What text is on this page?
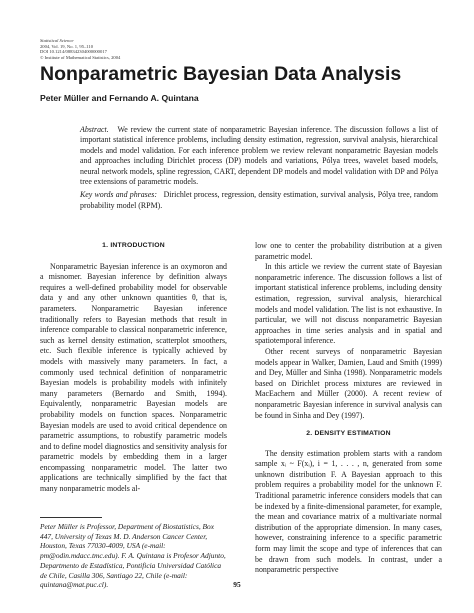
Statistical Science
2004, Vol. 19, No. 1, 95–110
DOI 10.1214/088342304000000017
© Institute of Mathematical Statistics, 2004
Nonparametric Bayesian Data Analysis
Peter Müller and Fernando A. Quintana

Abstract. We review the current state of nonparametric Bayesian inference. The discussion follows a list of important statistical inference problems, including density estimation, regression, survival analysis, hierarchical models and model validation. For each inference problem we review relevant nonparametric Bayesian models and approaches including Dirichlet process (DP) models and variations, Pólya trees, wavelet based models, neural network models, spline regression, CART, dependent DP models and model validation with DP and Pólya tree extensions of parametric models.

Key words and phrases: Dirichlet process, regression, density estimation, survival analysis, Pólya tree, random probability model (RPM).

1. INTRODUCTION

Nonparametric Bayesian inference is an oxymoron and a misnomer. Bayesian inference by definition always requires a well-defined probability model for observable data y and any other unknown quantities θ, that is, parameters. Nonparametric Bayesian inference traditionally refers to Bayesian methods that result in inference comparable to classical nonparametric inference, such as kernel density estimation, scatterplot smoothers, etc. Such flexible inference is typically achieved by models with massively many parameters. In fact, a commonly used technical definition of nonparametric Bayesian models is probability models with infinitely many parameters (Bernardo and Smith, 1994). Equivalently, nonparametric Bayesian models are probability models on function spaces. Nonparametric Bayesian models are used to avoid critical dependence on parametric assumptions, to robustify parametric models and to define model diagnostics and sensitivity analysis for parametric models by embedding them in a larger encompassing nonparametric model. The latter two applications are technically simplified by the fact that many nonparametric models al-

low one to center the probability distribution at a given parametric model.

In this article we review the current state of Bayesian nonparametric inference. The discussion follows a list of important statistical inference problems, including density estimation, regression, survival analysis, hierarchical models and model validation. The list is not exhaustive. In particular, we will not discuss nonparametric Bayesian approaches in time series analysis and in spatial and spatiotemporal inference.

Other recent surveys of nonparametric Bayesian models appear in Walker, Damien, Laud and Smith (1999) and Dey, Müller and Sinha (1998). Nonparametric models based on Dirichlet process mixtures are reviewed in MacEachern and Müller (2000). A recent review of nonparametric Bayesian inference in survival analysis can be found in Sinha and Dey (1997).

2. DENSITY ESTIMATION

The density estimation problem starts with a random sample xᵢ ~ F(xᵢ), i = 1, . . . , n, generated from some unknown distribution F. A Bayesian approach to this problem requires a probability model for the unknown F. Traditional parametric inference considers models that can be indexed by a finite-dimensional parameter, for example, the mean and covariance matrix of a multivariate normal distribution of the appropriate dimension. In many cases, however, constraining inference to a specific parametric form may limit the scope and type of inferences that can be drawn from such models. In contrast, under a nonparametric perspective

Peter Müller is Professor, Department of Biostatistics, Box 447, University of Texas M. D. Anderson Cancer Center, Houston, Texas 77030-4009, USA (e-mail: pm@odin.mdacc.tmc.edu). F. A. Quintana is Profesor Adjunto, Departmento de Estadística, Pontificia Universidad Católica de Chile, Casilla 306, Santiago 22, Chile (e-mail: quintana@mat.puc.cl).	95
